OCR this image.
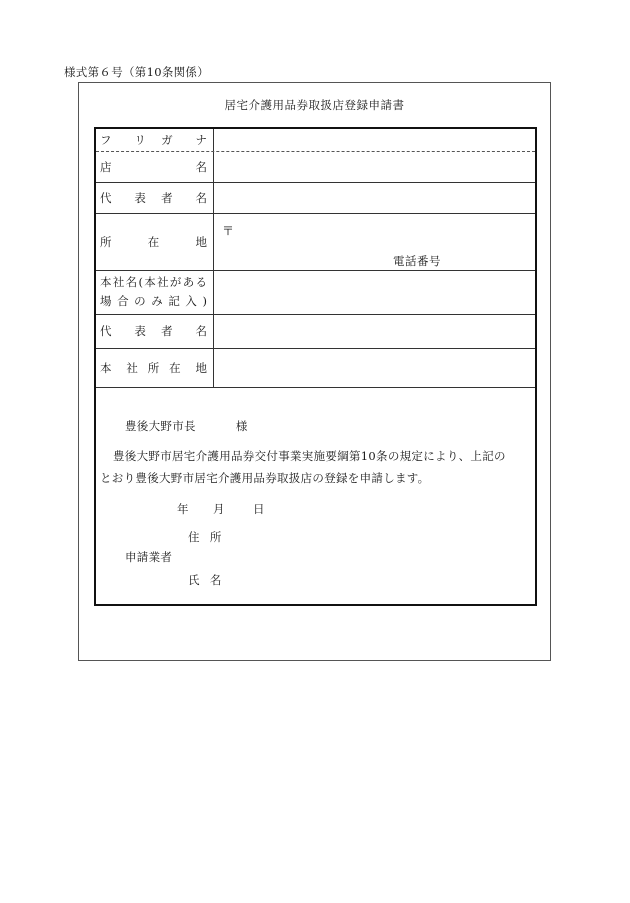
様式第６号（第10条関係）
居宅介護用品券取扱店登録申請書
フ	リ	ガ	ナ
店	名
代	表	者	名
所	在	地
〒
電話番号
本 社 名 ( 本 社 が あ る
場 合 の み 記 入 )
代	表	者	名
本	社 所 在	地
豊後大野市長	様
豊後大野市居宅介護用品券交付事業実施要綱第10条の規定により、上記の
とおり豊後大野市居宅介護用品券取扱店の登録を申請します。
年 月 日
住 所
申請業者
氏 名
